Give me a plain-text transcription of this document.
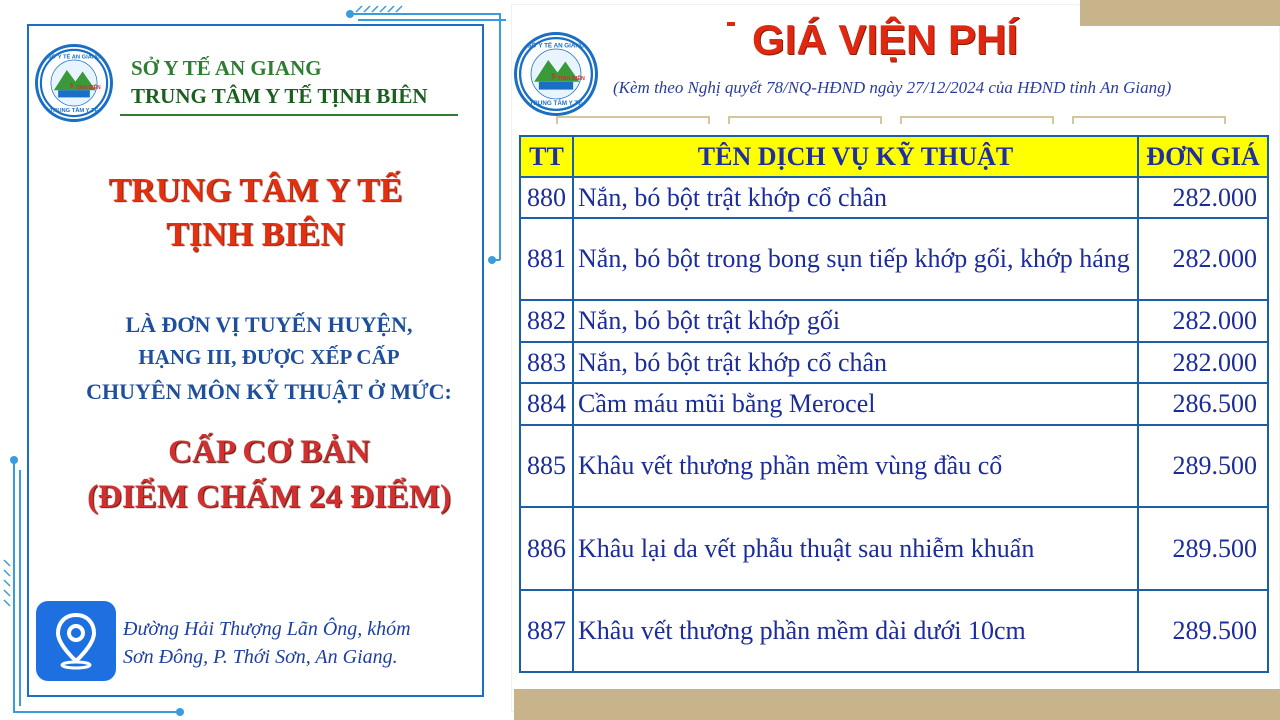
$ TỊNH BIÊN
SỞ Y TẾ AN GIANG
TRUNG TÂM Y TẾ
SỞ Y TẾ AN GIANG
TRUNG TÂM Y TẾ TỊNH BIÊN
TRUNG TÂM Y TẾ
TỊNH BIÊN
LÀ ĐƠN VỊ TUYẾN HUYỆN,
HẠNG III, ĐƯỢC XẾP CẤP
CHUYÊN MÔN KỸ THUẬT Ở MỨC:
CẤP CƠ BẢN
(ĐIỂM CHẤM 24 ĐIỂM)
Đường Hải Thượng Lãn Ông, khóm
Sơn Đông, P. Thới Sơn, An Giang.
$ TỊNH BIÊN
SỞ Y TẾ AN GIANG
TRUNG TÂM Y TẾ
GIÁ VIỆN PHÍ
(Kèm theo Nghị quyết 78/NQ-HĐND ngày 27/12/2024 của HĐND tỉnh An Giang)
TT	TÊN DỊCH VỤ KỸ THUẬT	ĐƠN GIÁ
880	Nắn, bó bột trật khớp cổ chân	282.000
881	Nắn, bó bột trong bong sụn tiếp khớp gối, khớp háng	282.000
882	Nắn, bó bột trật khớp gối	282.000
883	Nắn, bó bột trật khớp cổ chân	282.000
884	Cầm máu mũi bằng Merocel	286.500
885	Khâu vết thương phần mềm vùng đầu cổ	289.500
886	Khâu lại da vết phẫu thuật sau nhiễm khuẩn	289.500
887	Khâu vết thương phần mềm dài dưới 10cm	289.500
